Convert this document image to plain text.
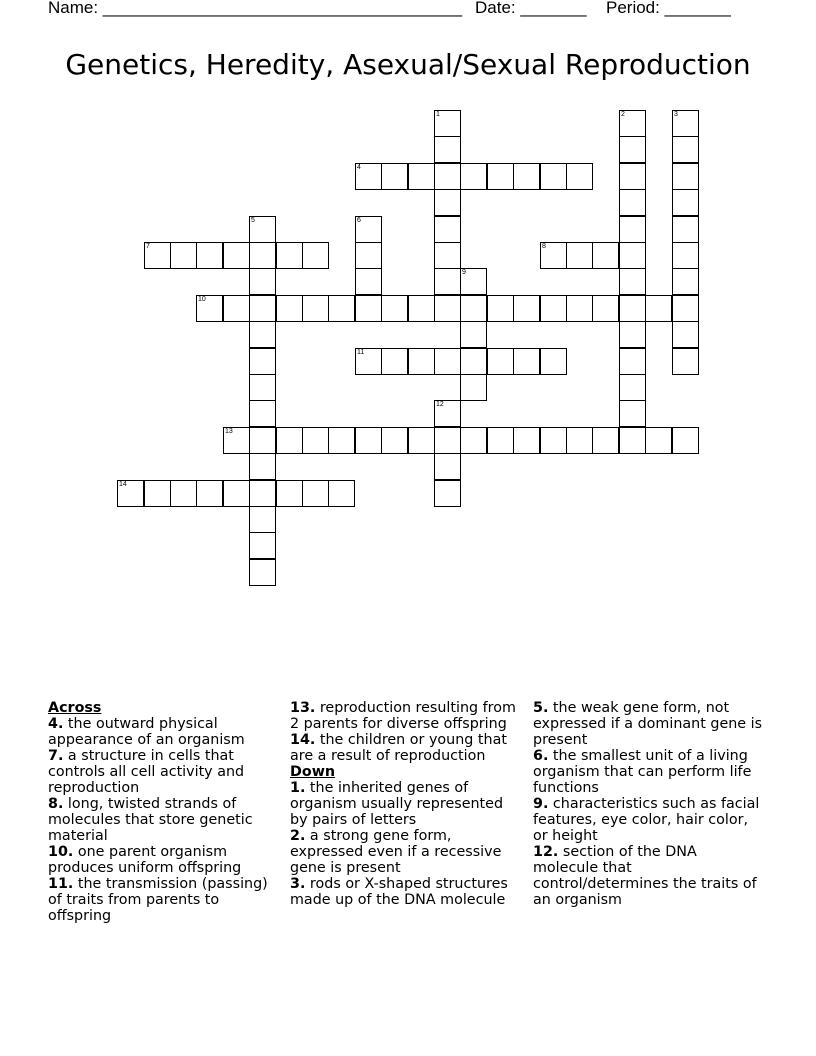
Name: ______________________________________ Date: _______ Period: _______
Genetics, Heredity, Asexual/Sexual Reproduction
1	2	3
4
5	6
7	8
9
10
11
12
13
14
Across
4. the outward physical appearance of an organism
7. a structure in cells that controls all cell activity and reproduction
8. long, twisted strands of molecules that store genetic material
10. one parent organism produces uniform offspring
11. the transmission (passing) of traits from parents to offspring
13. reproduction resulting from 2 parents for diverse offspring
14. the children or young that are a result of reproduction
Down
1. the inherited genes of organism usually represented by pairs of letters
2. a strong gene form, expressed even if a recessive gene is present
3. rods or X-shaped structures made up of the DNA molecule
5. the weak gene form, not expressed if a dominant gene is present
6. the smallest unit of a living organism that can perform life functions
9. characteristics such as facial features, eye color, hair color, or height
12. section of the DNA molecule that control/determines the traits of an organism
